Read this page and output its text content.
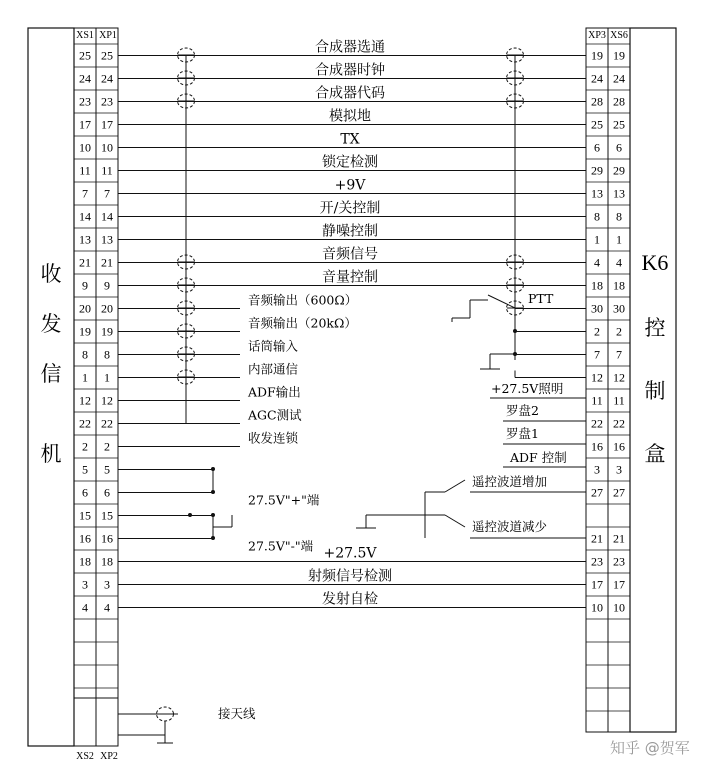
收
发
信
机
XS1 XP1
25 25
24 24
23 23
17 17
10 10
11 11
7 7
14 14
13 13
21 21
9 9
20 20
19 19
8 8
1 1
12 12
22 22
2 2
5 5
6 6
15 15
16 16
18 18
3 3
4 4
XS2 XP2
XP3 XS6
K6
控
制
盒
19 19
24 24
28 28
25 25
6 6
29 29
13 13
8 8
1 1
4 4
18 18
30 30
2 2
7 7
12 12
11 11
22 22
16 16
3 3
27 27
21 21
23 23
17 17
10 10
合成器选通
合成器时钟
合成器代码
模拟地
TX
锁定检测
+9V
开/关控制
静噪控制
音频信号
音量控制
音频输出（600Ω）
音频输出（20kΩ）
话筒输入
内部通信
ADF输出
AGC测试
收发连锁
27.5V"+"端
27.5V"-"端 +27.5V
射频信号检测
发射自检
接天线
PTT
+27.5V照明
罗盘2
罗盘1
ADF 控制
遥控波道增加
遥控波道减少
知乎 @贺军
